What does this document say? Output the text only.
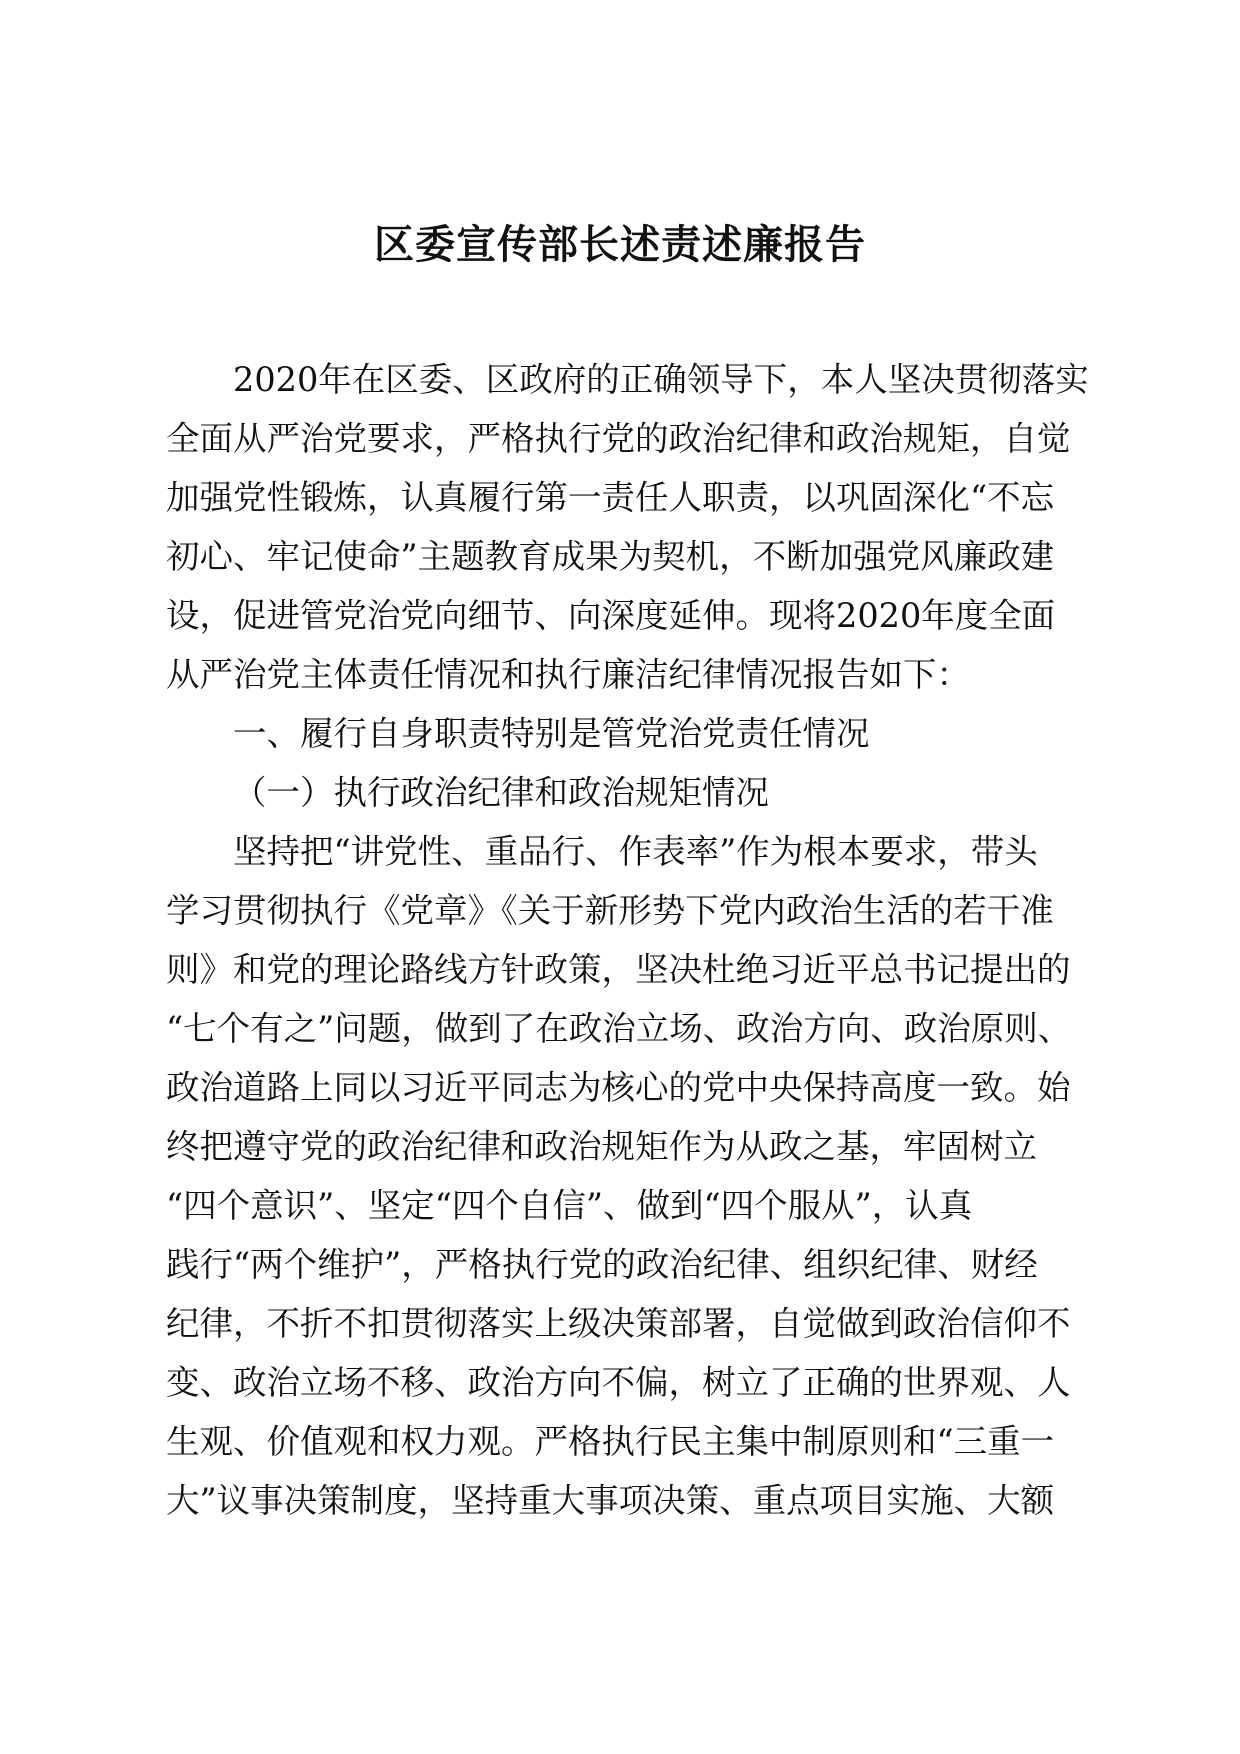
区委宣传部长述责述廉报告
2020年在区委、区政府的正确领导下，本人坚决贯彻落实
全面从严治党要求，严格执行党的政治纪律和政治规矩，自觉
加强党性锻炼，认真履行第一责任人职责，以巩固深化“不忘
初心、牢记使命”主题教育成果为契机，不断加强党风廉政建
设，促进管党治党向细节、向深度延伸。现将2020年度全面
从严治党主体责任情况和执行廉洁纪律情况报告如下：
一、履行自身职责特别是管党治党责任情况
（一）执行政治纪律和政治规矩情况
坚持把“讲党性、重品行、作表率”作为根本要求，带头
学习贯彻执行《党章》《关于新形势下党内政治生活的若干准
则》和党的理论路线方针政策，坚决杜绝习近平总书记提出的
“七个有之”问题，做到了在政治立场、政治方向、政治原则、
政治道路上同以习近平同志为核心的党中央保持高度一致。始
终把遵守党的政治纪律和政治规矩作为从政之基，牢固树立
“四个意识”、坚定“四个自信”、做到“四个服从”，认真
践行“两个维护”，严格执行党的政治纪律、组织纪律、财经
纪律，不折不扣贯彻落实上级决策部署，自觉做到政治信仰不
变、政治立场不移、政治方向不偏，树立了正确的世界观、人
生观、价值观和权力观。严格执行民主集中制原则和“三重一
大”议事决策制度，坚持重大事项决策、重点项目实施、大额
